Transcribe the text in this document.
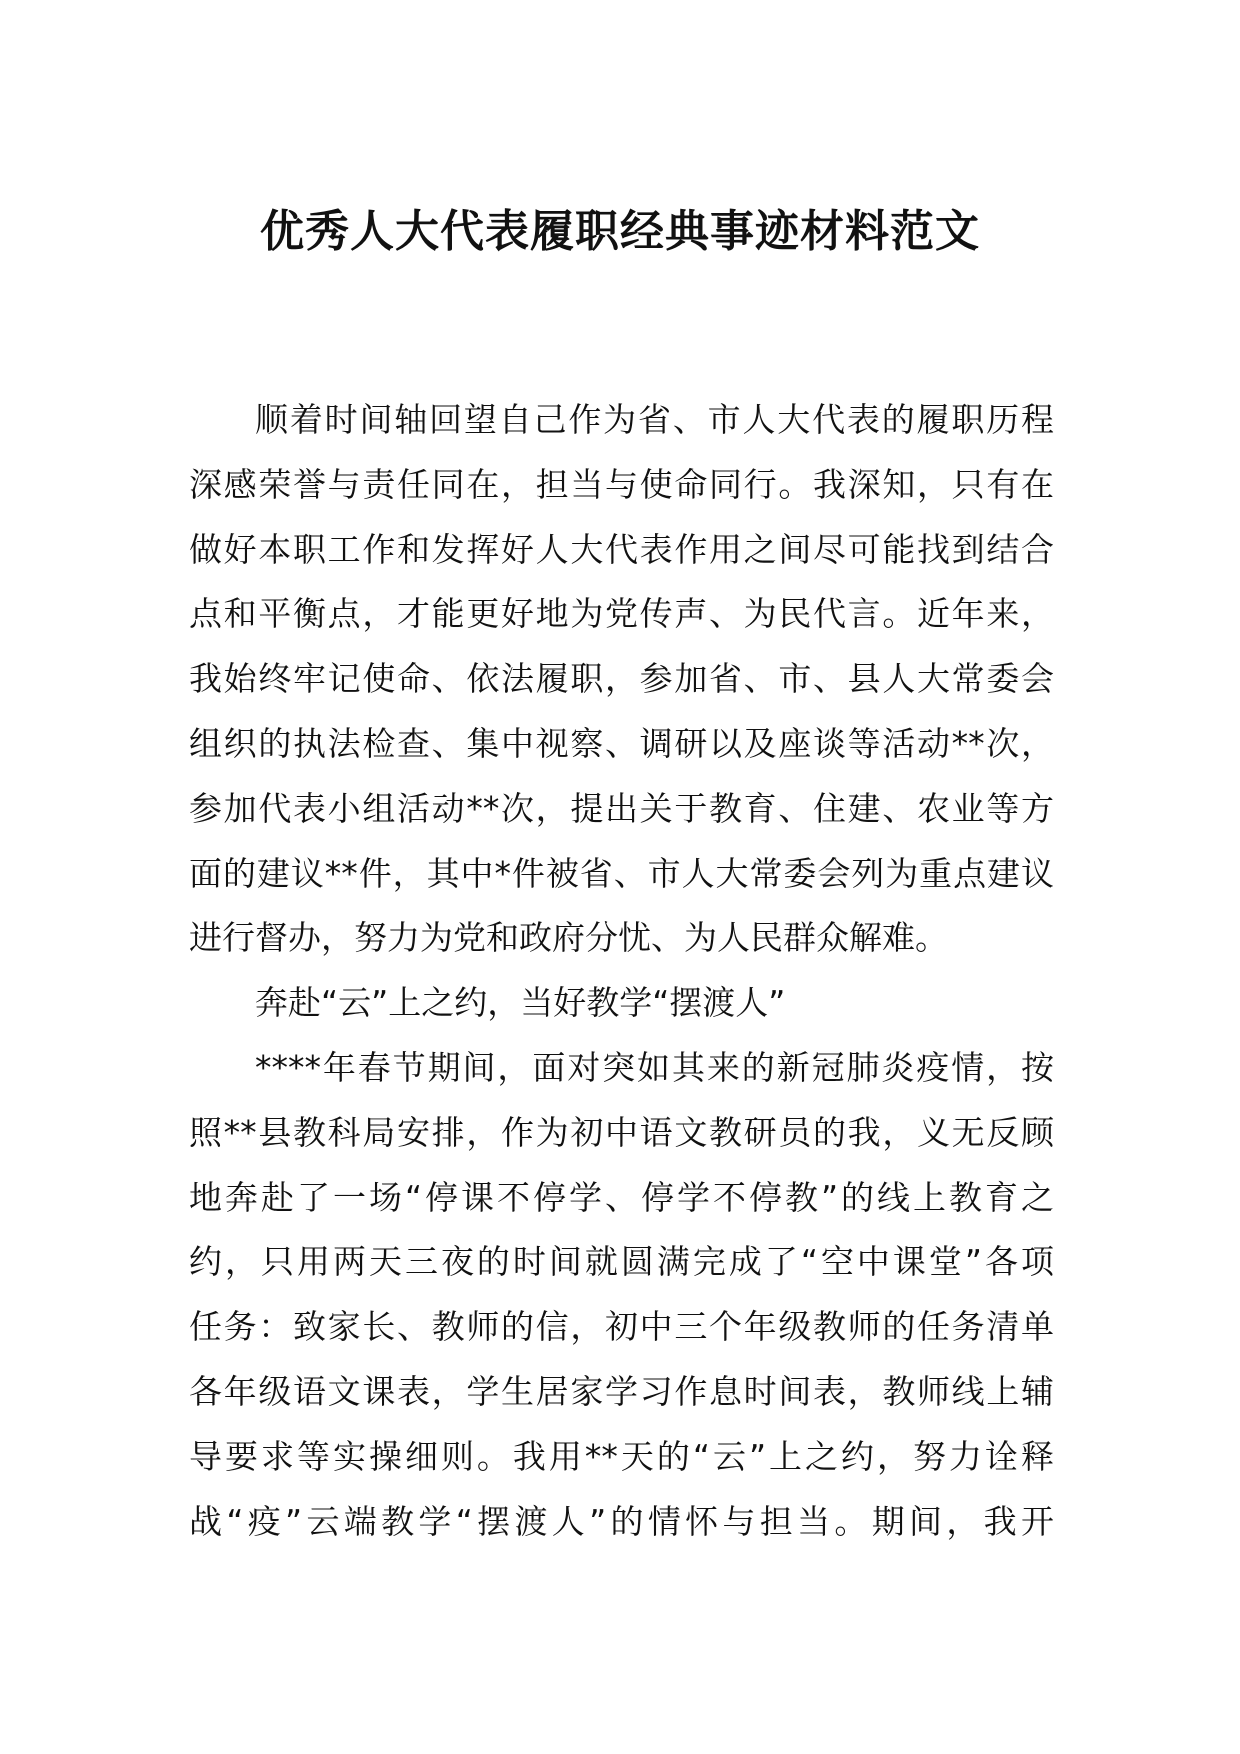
优秀人大代表履职经典事迹材料范文
顺着时间轴回望自己作为省、市人大代表的履职历程
深感荣誉与责任同在，担当与使命同行。我深知，只有在
做好本职工作和发挥好人大代表作用之间尽可能找到结合
点和平衡点，才能更好地为党传声、为民代言。近年来，
我始终牢记使命、依法履职，参加省、市、县人大常委会
组织的执法检查、集中视察、调研以及座谈等活动**次，
参加代表小组活动**次，提出关于教育、住建、农业等方
面的建议**件，其中*件被省、市人大常委会列为重点建议
进行督办，努力为党和政府分忧、为人民群众解难。
奔赴“云”上之约，当好教学“摆渡人”
****年春节期间，面对突如其来的新冠肺炎疫情，按
照**县教科局安排，作为初中语文教研员的我，义无反顾
地奔赴了一场“停课不停学、停学不停教”的线上教育之
约，只用两天三夜的时间就圆满完成了“空中课堂”各项
任务：致家长、教师的信，初中三个年级教师的任务清单
各年级语文课表，学生居家学习作息时间表，教师线上辅
导要求等实操细则。我用**天的“云”上之约，努力诠释
战“疫”云端教学“摆渡人”的情怀与担当。期间，我开
